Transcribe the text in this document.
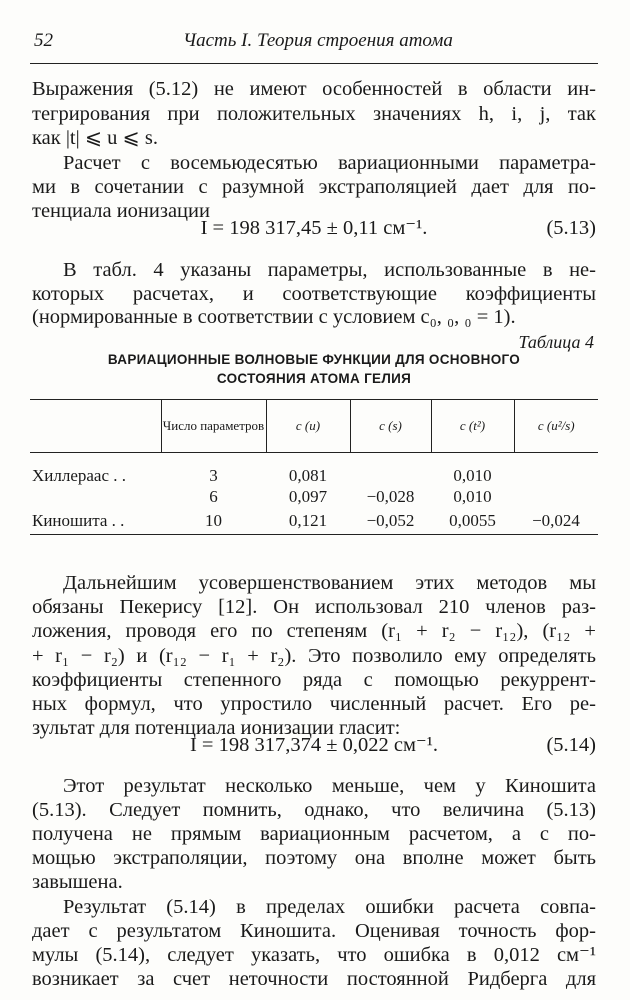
52	Часть I. Теория строения атома
Выражения (5.12) не имеют особенностей в области ин-
тегрирования при положительных значениях h, i, j, так
как |t| ⩽ u ⩽ s.
Расчет с восемьюдесятью вариационными параметра-
ми в сочетании с разумной экстраполяцией дает для по-
тенциала ионизации
I = 198 317,45 ± 0,11 см⁻¹.	(5.13)
В табл. 4 указаны параметры, использованные в не-
которых расчетах, и соответствующие коэффициенты
(нормированные в соответствии с условием c₀, ₀, ₀ = 1).
Таблица 4
ВАРИАЦИОННЫЕ ВОЛНОВЫЕ ФУНКЦИИ ДЛЯ ОСНОВНОГО
СОСТОЯНИЯ АТОМА ГЕЛИЯ
	Число параметров	c (u)	c (s)	c (t²)	c (u²/s)

Хиллерaac . .	3	0,081		0,010	
	6	0,097	−0,028	0,010	
Киношита . .	10	0,121	−0,052	0,0055	−0,024
Дальнейшим усовершенствованием этих методов мы
обязаны Пекерису [12]. Он использовал 210 членов раз-
ложения, проводя его по степеням (r₁ + r₂ − r₁₂), (r₁₂ +
+ r₁ − r₂) и (r₁₂ − r₁ + r₂). Это позволило ему определять
коэффициенты степенного ряда с помощью рекуррент-
ных формул, что упростило численный расчет. Его ре-
зультат для потенциала ионизации гласит:
I = 198 317,374 ± 0,022 см⁻¹.	(5.14)
Этот результат несколько меньше, чем у Киношита
(5.13). Следует помнить, однако, что величина (5.13)
получена не прямым вариационным расчетом, а с по-
мощью экстраполяции, поэтому она вполне может быть
завышена.
Результат (5.14) в пределах ошибки расчета совпа-
дает с результатом Киношита. Оценивая точность фор-
мулы (5.14), следует указать, что ошибка в 0,012 см⁻¹
возникает за счет неточности постоянной Ридберга для
